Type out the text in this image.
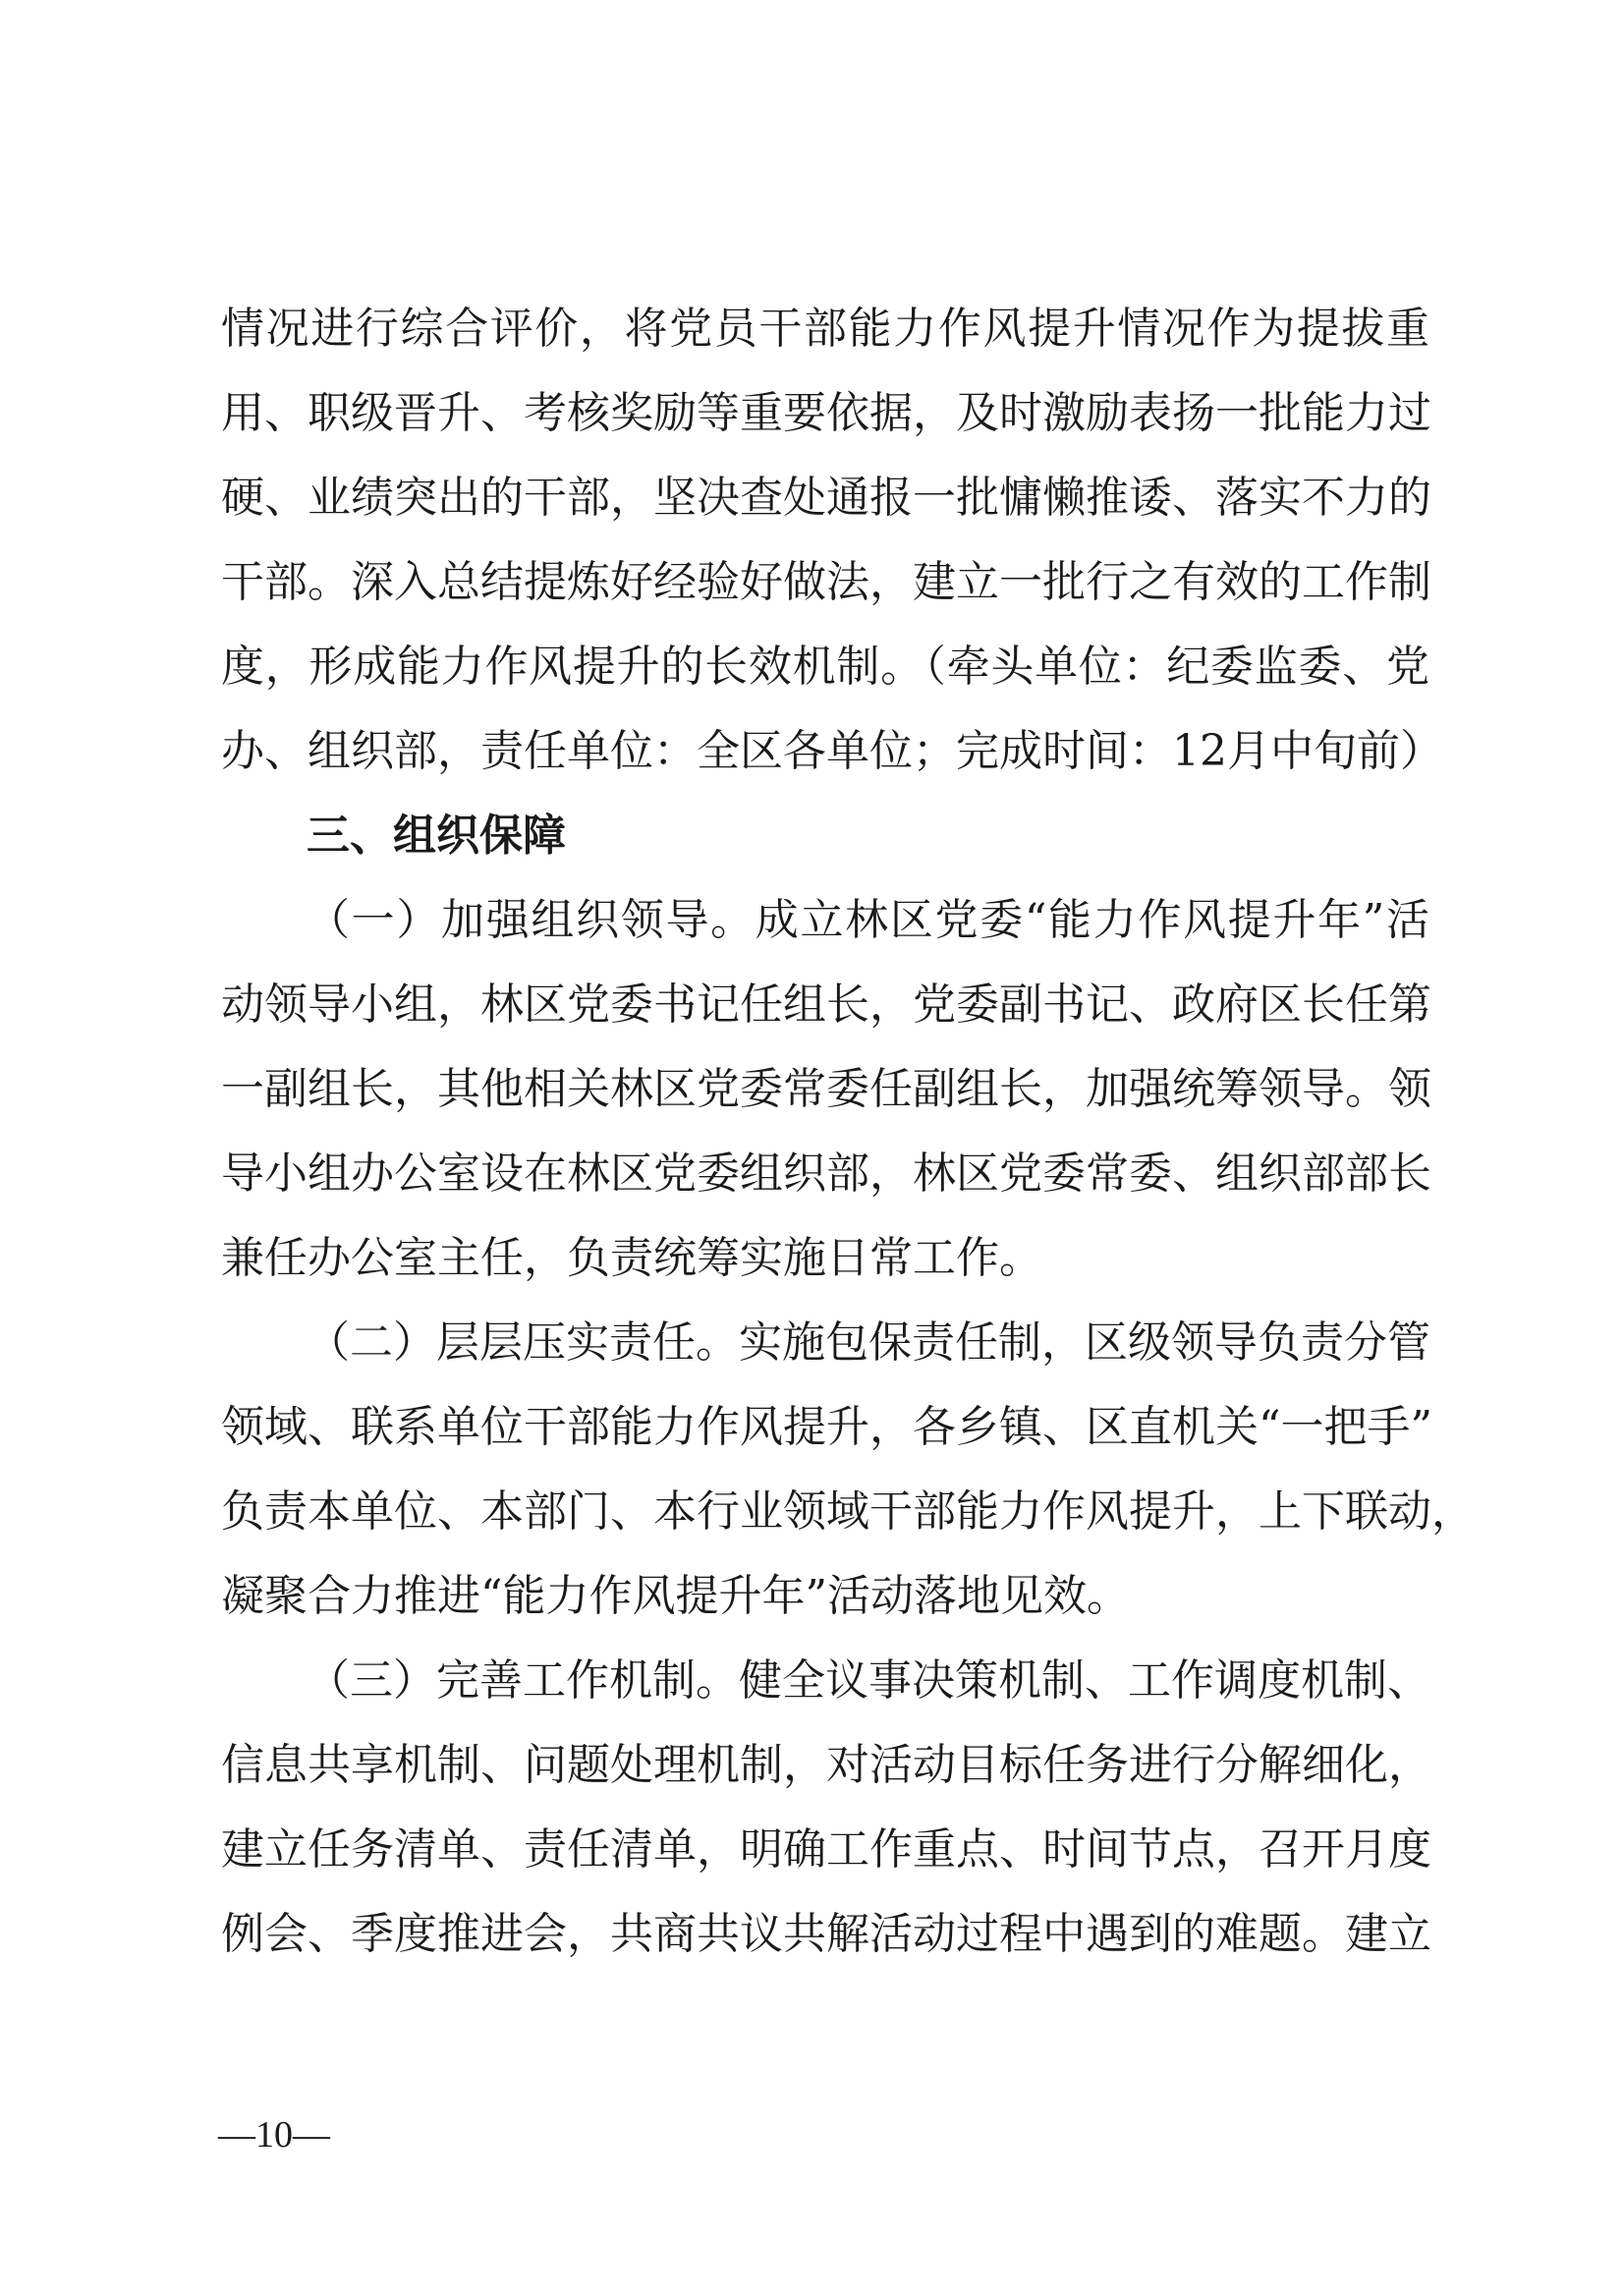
情况进行综合评价，将党员干部能力作风提升情况作为提拔重
用、职级晋升、考核奖励等重要依据，及时激励表扬一批能力过
硬、业绩突出的干部，坚决查处通报一批慵懒推诿、落实不力的
干部。深入总结提炼好经验好做法，建立一批行之有效的工作制
度，形成能力作风提升的长效机制。（牵头单位：纪委监委、党
办、组织部，责任单位：全区各单位；完成时间：12月中旬前）
三、组织保障
（一）加强组织领导。成立林区党委“能力作风提升年”活
动领导小组，林区党委书记任组长，党委副书记、政府区长任第
一副组长，其他相关林区党委常委任副组长，加强统筹领导。领
导小组办公室设在林区党委组织部，林区党委常委、组织部部长
兼任办公室主任，负责统筹实施日常工作。
（二）层层压实责任。实施包保责任制，区级领导负责分管
领域、联系单位干部能力作风提升，各乡镇、区直机关“一把手”
负责本单位、本部门、本行业领域干部能力作风提升，上下联动，
凝聚合力推进“能力作风提升年”活动落地见效。
（三）完善工作机制。健全议事决策机制、工作调度机制、
信息共享机制、问题处理机制，对活动目标任务进行分解细化，
建立任务清单、责任清单，明确工作重点、时间节点，召开月度
例会、季度推进会，共商共议共解活动过程中遇到的难题。建立
—10—
